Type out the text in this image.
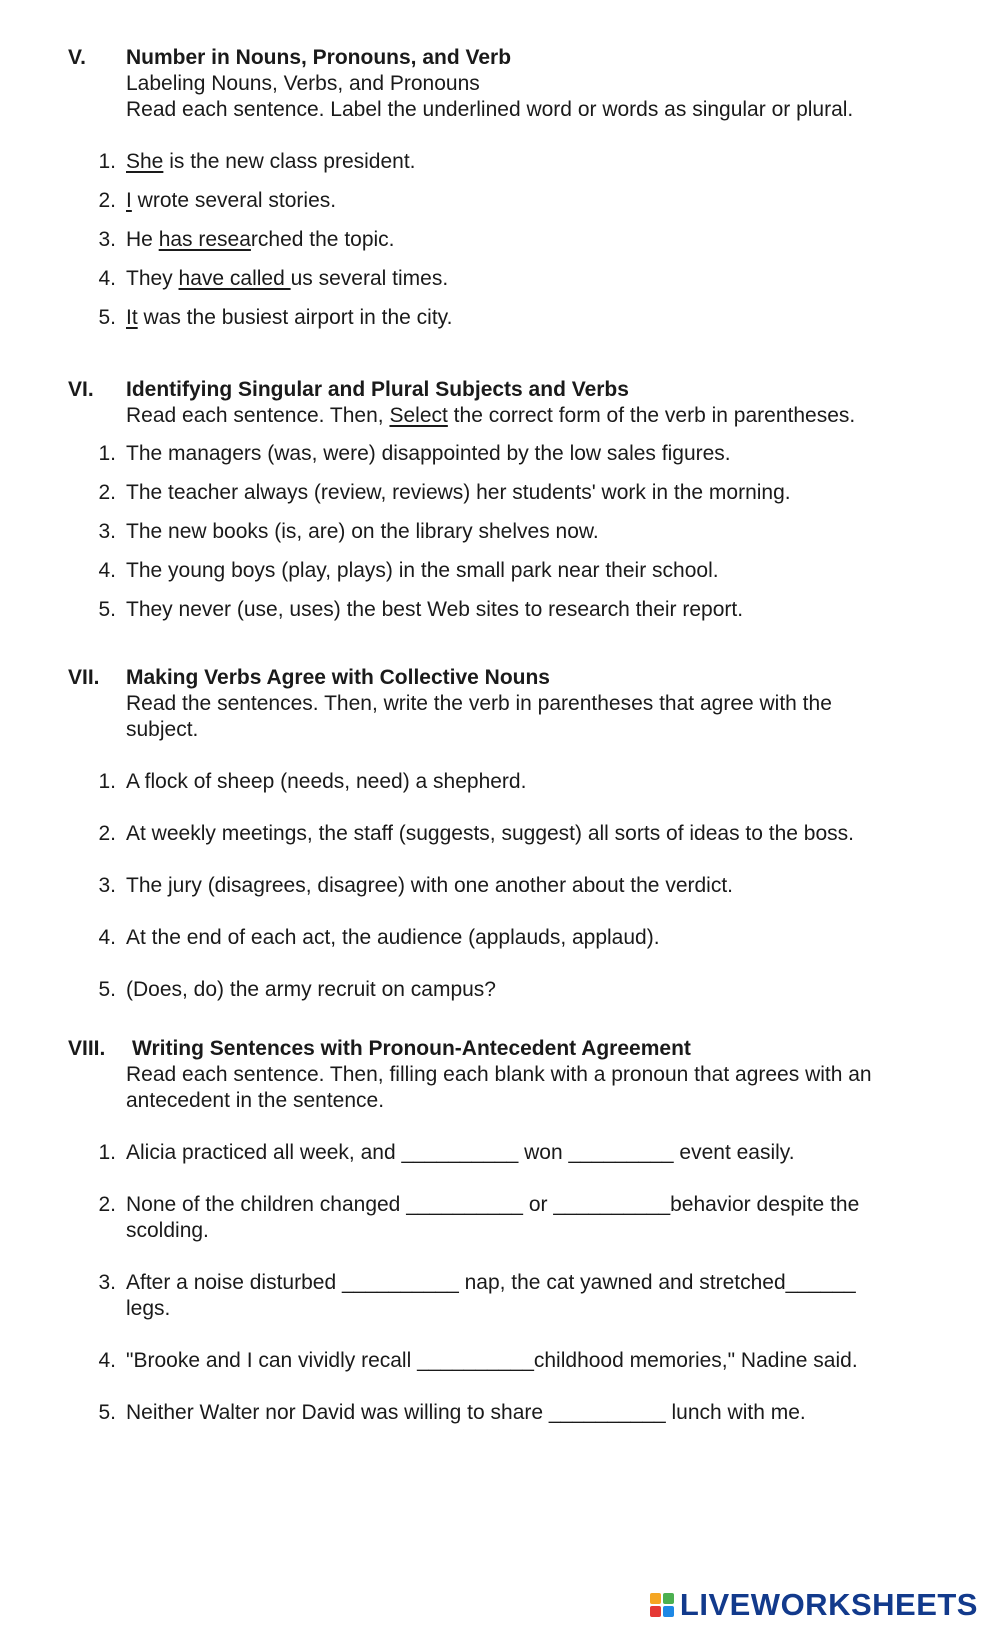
V.	Number in Nouns, Pronouns, and Verb
Labeling Nouns, Verbs, and Pronouns
Read each sentence. Label the underlined word or words as singular or plural.
1. She is the new class president.
2. I wrote several stories.
3. He has researched the topic.
4. They have called us several times.
5. It was the busiest airport in the city.
VI.	Identifying Singular and Plural Subjects and Verbs
Read each sentence. Then, Select the correct form of the verb in parentheses.
1. The managers (was, were) disappointed by the low sales figures.
2. The teacher always (review, reviews) her students' work in the morning.
3. The new books (is, are) on the library shelves now.
4. The young boys (play, plays) in the small park near their school.
5. They never (use, uses) the best Web sites to research their report.
VII.	Making Verbs Agree with Collective Nouns
Read the sentences. Then, write the verb in parentheses that agree with the
subject.
1. A flock of sheep (needs, need) a shepherd.
2. At weekly meetings, the staff (suggests, suggest) all sorts of ideas to the boss.
3. The jury (disagrees, disagree) with one another about the verdict.
4. At the end of each act, the audience (applauds, applaud).
5. (Does, do) the army recruit on campus?
VIII.	Writing Sentences with Pronoun-Antecedent Agreement
Read each sentence. Then, filling each blank with a pronoun that agrees with an
antecedent in the sentence.
1. Alicia practiced all week, and __________ won _________ event easily.
2. None of the children changed __________ or __________behavior despite the
scolding.
3. After a noise disturbed __________ nap, the cat yawned and stretched______
legs.
4. "Brooke and I can vividly recall __________childhood memories," Nadine said.
5. Neither Walter nor David was willing to share __________ lunch with me.
LIVEWORKSHEETS
